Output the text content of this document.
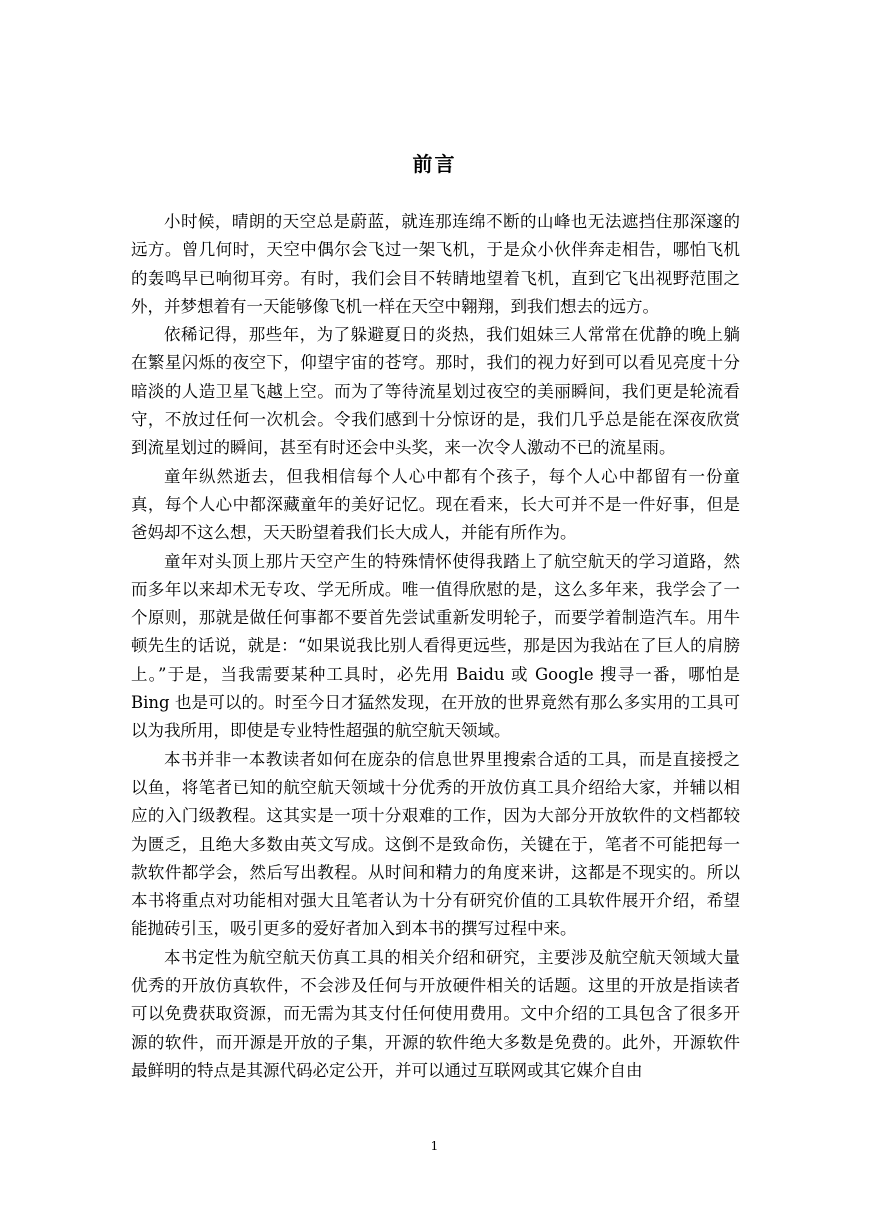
前言

小时候，晴朗的天空总是蔚蓝，就连那连绵不断的山峰也无法遮挡住那深邃的远方。曾几何时，天空中偶尔会飞过一架飞机，于是众小伙伴奔走相告，哪怕飞机的轰鸣早已响彻耳旁。有时，我们会目不转睛地望着飞机，直到它飞出视野范围之外，并梦想着有一天能够像飞机一样在天空中翱翔，到我们想去的远方。

依稀记得，那些年，为了躲避夏日的炎热，我们姐妹三人常常在优静的晚上躺在繁星闪烁的夜空下，仰望宇宙的苍穹。那时，我们的视力好到可以看见亮度十分暗淡的人造卫星飞越上空。而为了等待流星划过夜空的美丽瞬间，我们更是轮流看守，不放过任何一次机会。令我们感到十分惊讶的是，我们几乎总是能在深夜欣赏到流星划过的瞬间，甚至有时还会中头奖，来一次令人激动不已的流星雨。

童年纵然逝去，但我相信每个人心中都有个孩子，每个人心中都留有一份童真，每个人心中都深藏童年的美好记忆。现在看来，长大可并不是一件好事，但是爸妈却不这么想，天天盼望着我们长大成人，并能有所作为。

童年对头顶上那片天空产生的特殊情怀使得我踏上了航空航天的学习道路，然而多年以来却术无专攻、学无所成。唯一值得欣慰的是，这么多年来，我学会了一个原则，那就是做任何事都不要首先尝试重新发明轮子，而要学着制造汽车。用牛顿先生的话说，就是：“如果说我比别人看得更远些，那是因为我站在了巨人的肩膀上。”于是，当我需要某种工具时，必先用 Baidu 或 Google 搜寻一番，哪怕是 Bing 也是可以的。时至今日才猛然发现，在开放的世界竟然有那么多实用的工具可以为我所用，即使是专业特性超强的航空航天领域。

本书并非一本教读者如何在庞杂的信息世界里搜索合适的工具，而是直接授之以鱼，将笔者已知的航空航天领域十分优秀的开放仿真工具介绍给大家，并辅以相应的入门级教程。这其实是一项十分艰难的工作，因为大部分开放软件的文档都较为匮乏，且绝大多数由英文写成。这倒不是致命伤，关键在于，笔者不可能把每一款软件都学会，然后写出教程。从时间和精力的角度来讲，这都是不现实的。所以本书将重点对功能相对强大且笔者认为十分有研究价值的工具软件展开介绍，希望能抛砖引玉，吸引更多的爱好者加入到本书的撰写过程中来。

本书定性为航空航天仿真工具的相关介绍和研究，主要涉及航空航天领域大量优秀的开放仿真软件，不会涉及任何与开放硬件相关的话题。这里的开放是指读者可以免费获取资源，而无需为其支付任何使用费用。文中介绍的工具包含了很多开源的软件，而开源是开放的子集，开源的软件绝大多数是免费的。此外，开源软件最鲜明的特点是其源代码必定公开，并可以通过互联网或其它媒介自由

1
